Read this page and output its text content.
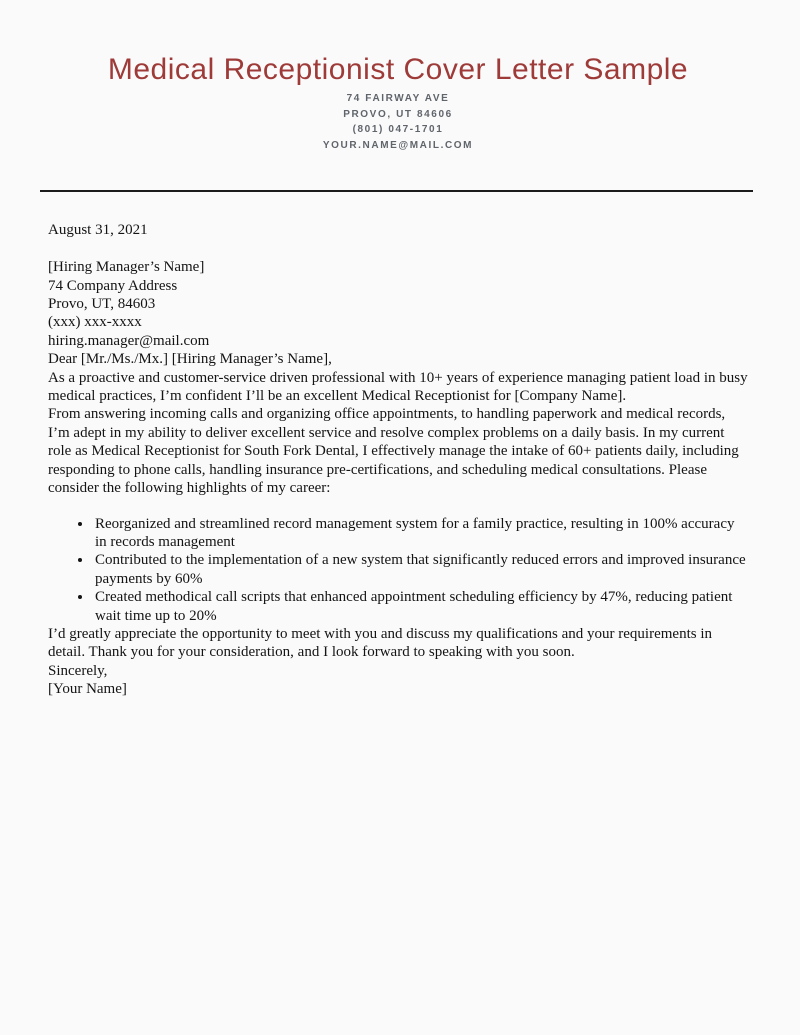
Medical Receptionist Cover Letter Sample
74 FAIRWAY AVE
PROVO, UT 84606
(801) 047-1701
YOUR.NAME@MAIL.COM

August 31, 2021

[Hiring Manager’s Name]
74 Company Address
Provo, UT, 84603
(xxx) xxx-xxxx
hiring.manager@mail.com

Dear [Mr./Ms./Mx.] [Hiring Manager’s Name],

As a proactive and customer-service driven professional with 10+ years of experience managing patient load in busy medical practices, I’m confident I’ll be an excellent Medical Receptionist for [Company Name].

From answering incoming calls and organizing office appointments, to handling paperwork and medical records, I’m adept in my ability to deliver excellent service and resolve complex problems on a daily basis. In my current role as Medical Receptionist for South Fork Dental, I effectively manage the intake of 60+ patients daily, including responding to phone calls, handling insurance pre-certifications, and scheduling medical consultations. Please consider the following highlights of my career:

• Reorganized and streamlined record management system for a family practice, resulting in 100% accuracy in records management
• Contributed to the implementation of a new system that significantly reduced errors and improved insurance payments by 60%
• Created methodical call scripts that enhanced appointment scheduling efficiency by 47%, reducing patient wait time up to 20%

I’d greatly appreciate the opportunity to meet with you and discuss my qualifications and your requirements in detail. Thank you for your consideration, and I look forward to speaking with you soon.

Sincerely,

[Your Name]
